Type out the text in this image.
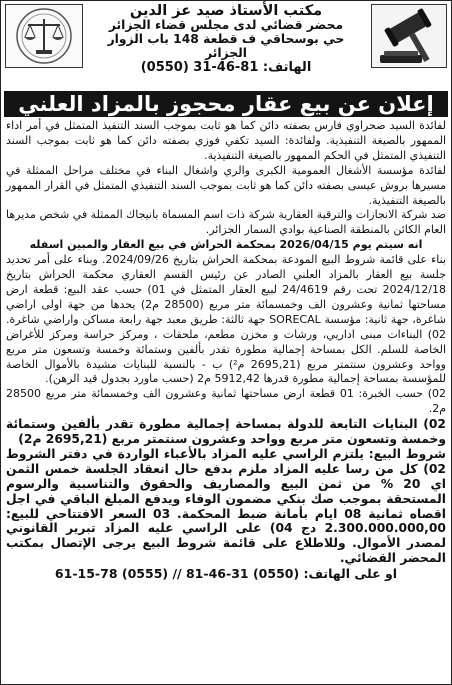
مكتب الأستاذ صيد عز الدين
محضر قضائي لدى مجلس قضاء الجزائر
حي بوسحاقي ف قطعة 148 باب الزوار الجزائر
الهاتف: (0550) 31-46-81
إعلان عن بيع عقار محجوز بالمزاد العلني

لفائدة السيد صحراوي فارس بصفته دائن كما هو ثابت بموجب السند التنفيذ المتمثل في أمر اداء الممهور بالصيغة التنفيذية. ولفائدة: السيد تكفي فوزي بصفته دائن كما هو ثابت بموجب السند التنفيذي المتمثل في الحكم الممهور بالصيغة التنفيذية.

لفائدة مؤسسة الأشغال العمومية الكبرى والري واشغال البناء في مختلف مراحل الممثلة في مسيرها بروش عيسى بصفته دائن كما هو ثابت بموجب السند التنفيذي المتمثل في القرار الممهور بالصيغة التنفيذية.

ضد شركة الانجازات والترقية العقارية شركة ذات اسم المسماة بانيجاك الممثلة في شخص مديرها العام الكائن بالمنطقة الصناعية بوادي السمار الجزائر.

انه سيتم يوم 2026/04/15 بمحكمة الحراش في بيع العقار والمبين اسفله

بناء على قائمة شروط البيع المودعة بمحكمة الحراش بتاريخ 2024/09/26. وبناء على أمر تحديد جلسة بيع العقار بالمزاد العلني الصادر عن رئيس القسم العقاري محكمة الحراش بتاريخ 2024/12/18 تحت رقم 24/4619 لبيع العقار المتمثل في 01) حسب عقد البيع: قطعة ارض مساحتها ثمانية وعشرون الف وخمسمائة متر مربع (28500 م2) يحدها من جهة اولى اراضي شاغرة، جهة ثانية: مؤسسة SORECAL جهة ثالثة: طريق معبد جهة رابعة مساكن واراضي شاغرة. 02) البناءات مبنى اداريي، ورشات و مخزن مطعم، ملحقات ، ومركز حراسة ومركز للأغراض الخاصة للسلم. الكل بمساحة إجمالية مطورة تقدر بألفين وستمائة وخمسة وتسعون متر مربع وواحد وعشرون سنتمتر مربع (2695,21 م²) ب - بالنسبة للبنايات مشيدة بالأموال الخاصة للمؤسسة بمساحة إجمالية مطورة قدرها 5912,42 م2 (حسب ماورد بجدول قيد الرهن).

02) حسب الخبرة: 01 قطعة ارض مساحتها ثمانية وعشرون الف وخمسمائة متر مربع 28500 م2.

02) البنايات التابعة للدولة بمساحة إجمالية مطورة تقدر بألفين وستمائة وخمسة وتسعون متر مربع وواحد وعشرون سنتمتر مربع (2695,21 م2)

شروط البيع: يلتزم الراسي عليه المزاد بالأعباء الواردة في دفتر الشروط 02) كل من رسا عليه المزاد ملزم بدفع حال انعقاد الجلسة خمس الثمن اي 20 % من ثمن البيع والمصاريف والحقوق والتناسبية والرسوم المستحقة بموجب صك بنكي مضمون الوفاء ويدفع المبلغ الباقي في اجل اقصاه ثمانية 08 ايام بأمانة ضبط المحكمة. 03 السعر الافتتاحي للبيع: 2.300.000.000,00 دج 04) على الراسي عليه المزاد تبرير القانوني لمصدر الأموال. وللاطلاع على قائمة شروط البيع يرجى الإتصال بمكتب المحضر القضائي.

او على الهاتف: (0550) 31-46-81 // (0555) 78-15-61
